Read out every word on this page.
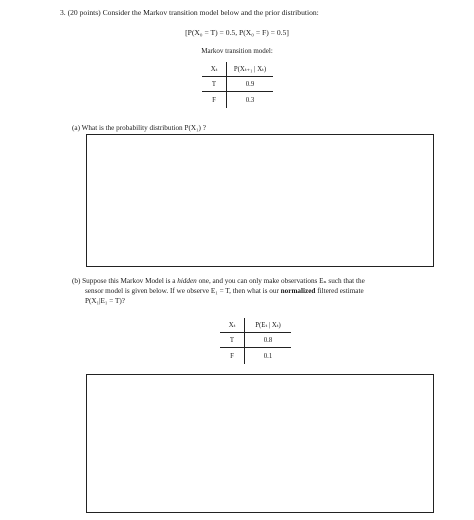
3. (20 points) Consider the Markov transition model below and the prior distribution:
[P(X₀ = T) = 0.5, P(X₀ = F) = 0.5]
Markov transition model:
Xₜ	P(Xₜ₊₁ | Xₜ)
T	0.9
F	0.3
(a) What is the probability distribution P(X₁) ?
(b) Suppose this Markov Model is a hidden one, and you can only make observations Eₙ such that the
sensor model is given below. If we observe E₁ = T, then what is our normalized filtered estimate
P(X₁|E₁ = T)?
Xₜ	P(Eₜ | Xₜ)
T	0.8
F	0.1
